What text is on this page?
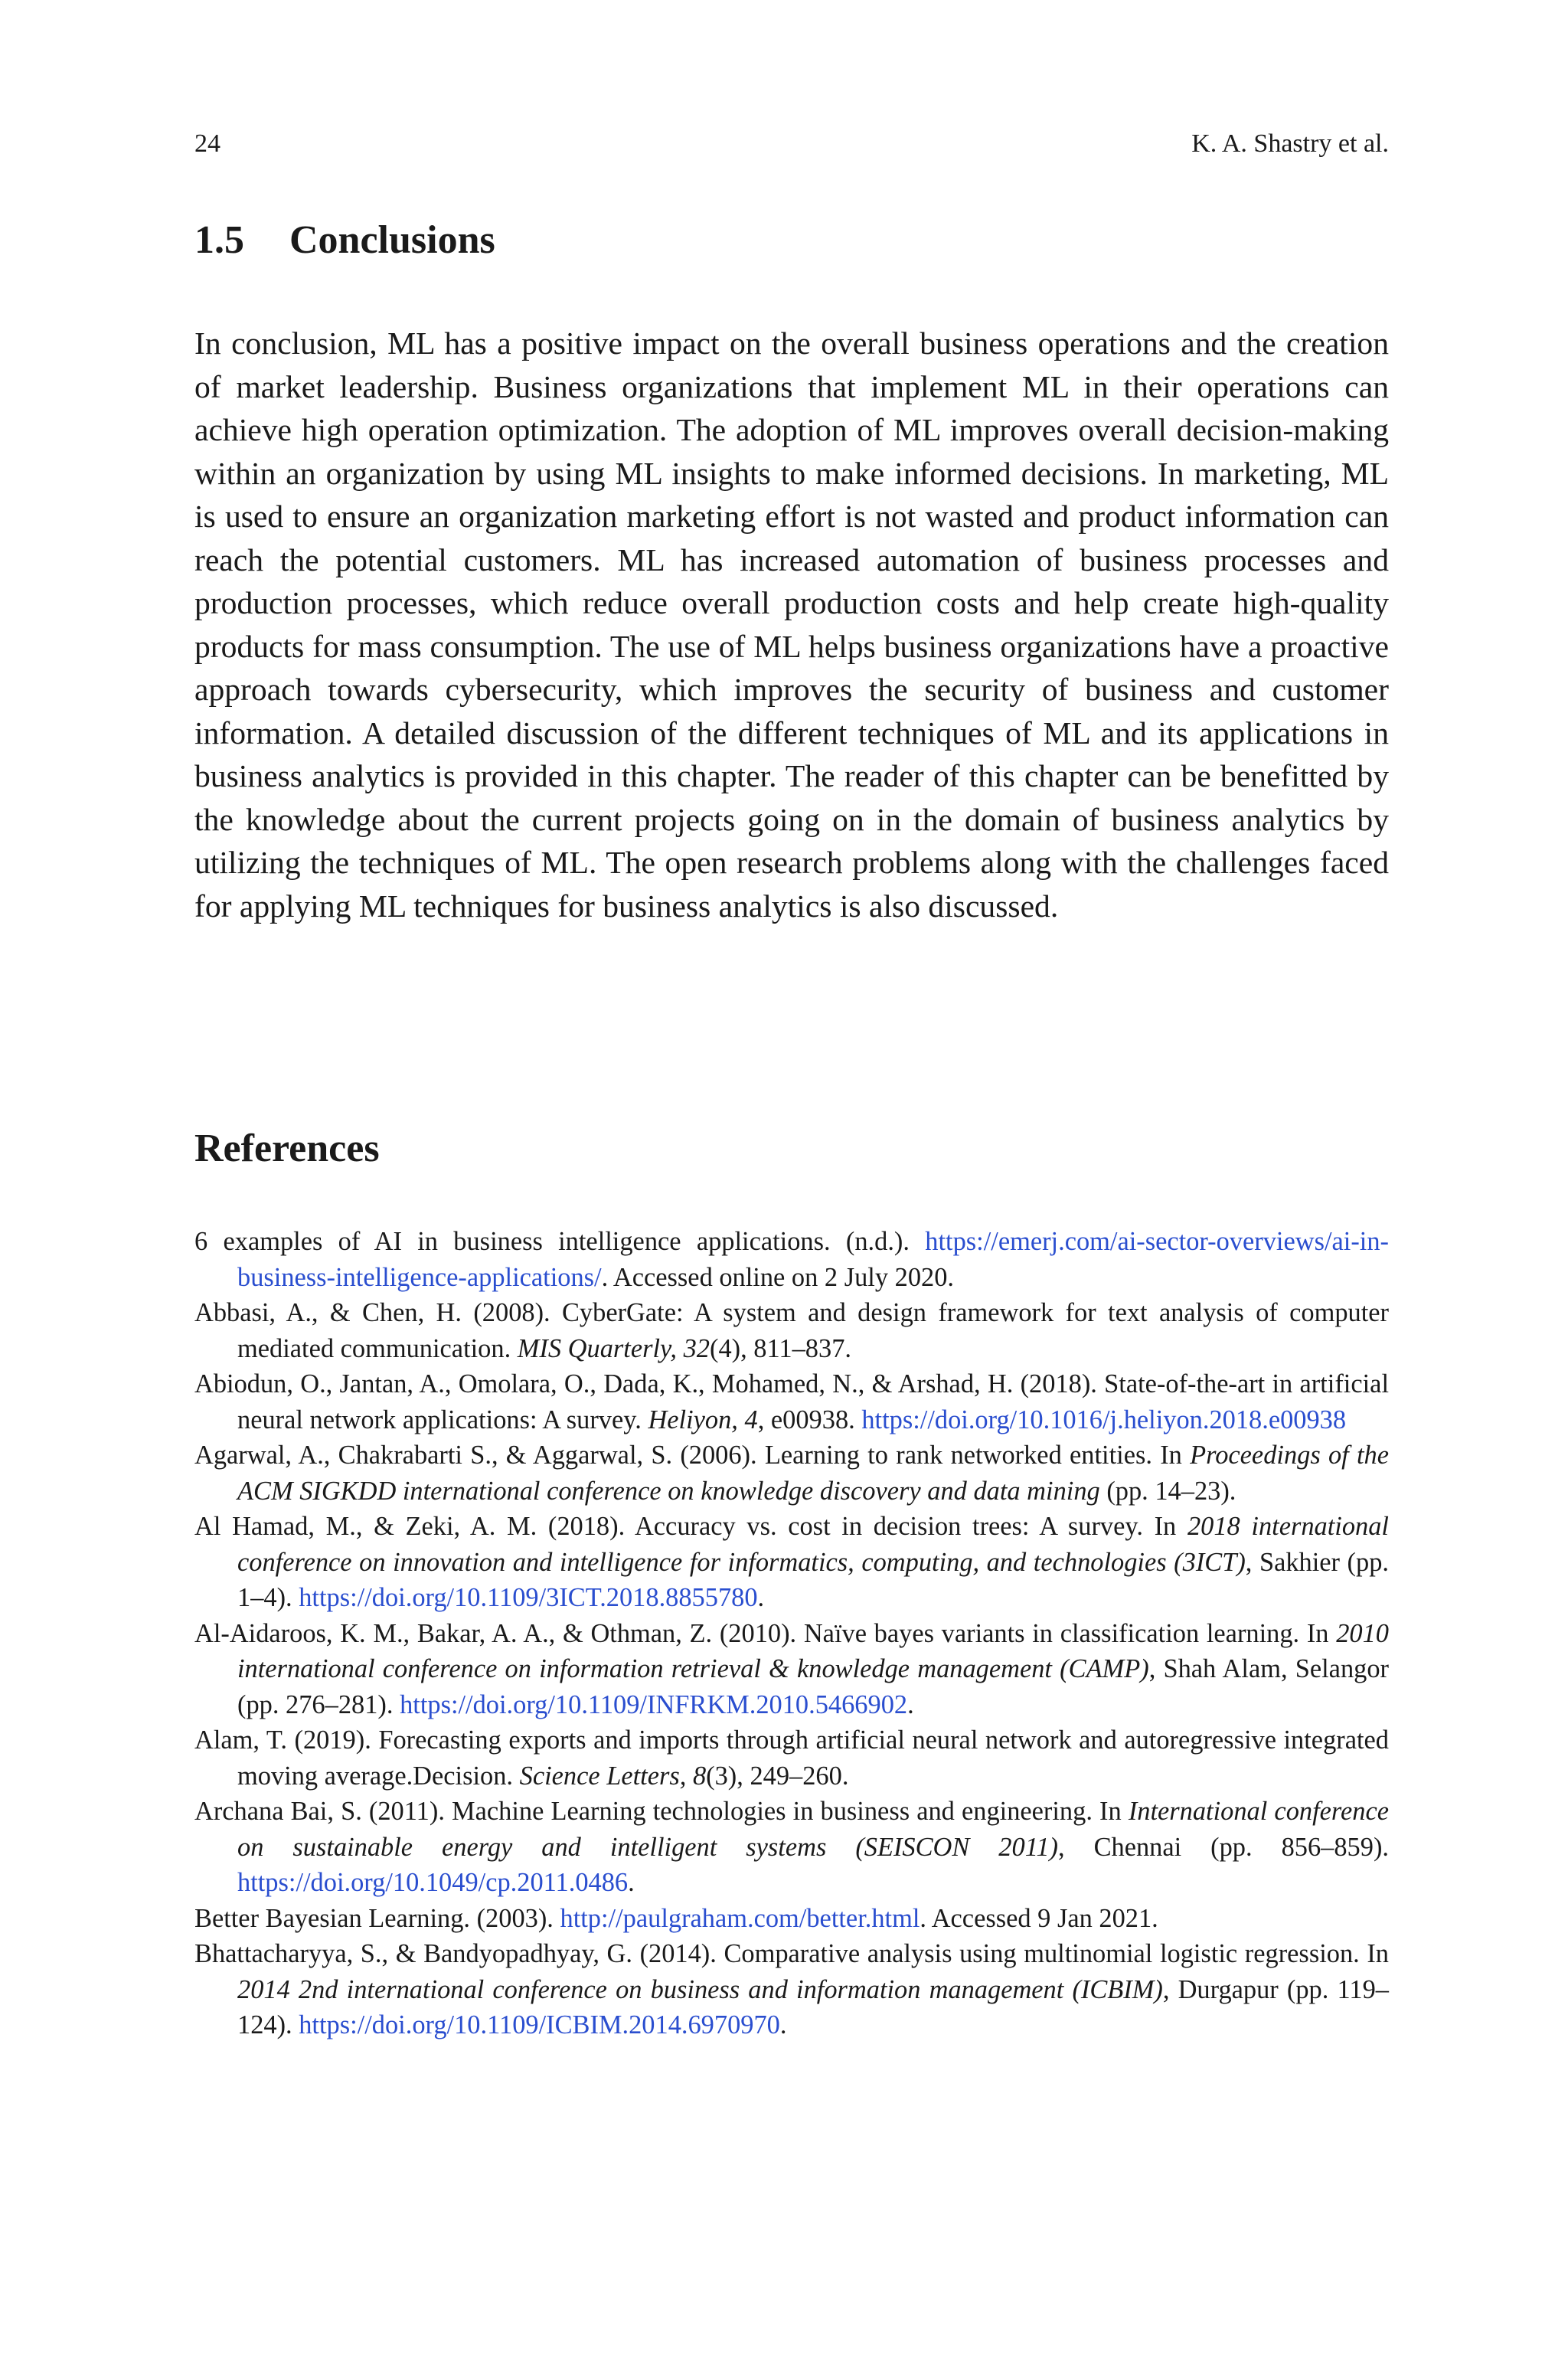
24	K. A. Shastry et al.
1.5 Conclusions

In conclusion, ML has a positive impact on the overall business operations and the creation of market leadership. Business organizations that implement ML in their operations can achieve high operation optimization. The adoption of ML improves overall decision-making within an organization by using ML insights to make informed decisions. In marketing, ML is used to ensure an organization marketing effort is not wasted and product information can reach the potential customers. ML has increased automation of business processes and production processes, which reduce overall production costs and help create high-quality products for mass consumption. The use of ML helps business organizations have a proactive approach towards cybersecurity, which improves the security of business and customer information. A detailed discussion of the different techniques of ML and its applications in business analytics is provided in this chapter. The reader of this chapter can be benefitted by the knowledge about the current projects going on in the domain of business analytics by utilizing the techniques of ML. The open research problems along with the challenges faced for applying ML techniques for business analytics is also discussed.

References
6 examples of AI in business intelligence applications. (n.d.). https://emerj.com/ai-sector-overviews/ai-in-business-intelligence-applications/. Accessed online on 2 July 2020.
Abbasi, A., & Chen, H. (2008). CyberGate: A system and design framework for text analysis of computer mediated communication. MIS Quarterly, 32(4), 811–837.
Abiodun, O., Jantan, A., Omolara, O., Dada, K., Mohamed, N., & Arshad, H. (2018). State-of-the-art in artificial neural network applications: A survey. Heliyon, 4, e00938. https://doi.org/10.1016/j.heliyon.2018.e00938
Agarwal, A., Chakrabarti S., & Aggarwal, S. (2006). Learning to rank networked entities. In Proceedings of the ACM SIGKDD international conference on knowledge discovery and data mining (pp. 14–23).
Al Hamad, M., & Zeki, A. M. (2018). Accuracy vs. cost in decision trees: A survey. In 2018 international conference on innovation and intelligence for informatics, computing, and technologies (3ICT), Sakhier (pp. 1–4). https://doi.org/10.1109/3ICT.2018.8855780.
Al-Aidaroos, K. M., Bakar, A. A., & Othman, Z. (2010). Naïve bayes variants in classification learning. In 2010 international conference on information retrieval & knowledge management (CAMP), Shah Alam, Selangor (pp. 276–281). https://doi.org/10.1109/INFRKM.2010.5466902.
Alam, T. (2019). Forecasting exports and imports through artificial neural network and autoregressive integrated moving average.Decision. Science Letters, 8(3), 249–260.
Archana Bai, S. (2011). Machine Learning technologies in business and engineering. In International conference on sustainable energy and intelligent systems (SEISCON 2011), Chennai (pp. 856–859). https://doi.org/10.1049/cp.2011.0486.
Better Bayesian Learning. (2003). http://paulgraham.com/better.html. Accessed 9 Jan 2021.
Bhattacharyya, S., & Bandyopadhyay, G. (2014). Comparative analysis using multinomial logistic regression. In 2014 2nd international conference on business and information management (ICBIM), Durgapur (pp. 119–124). https://doi.org/10.1109/ICBIM.2014.6970970.
